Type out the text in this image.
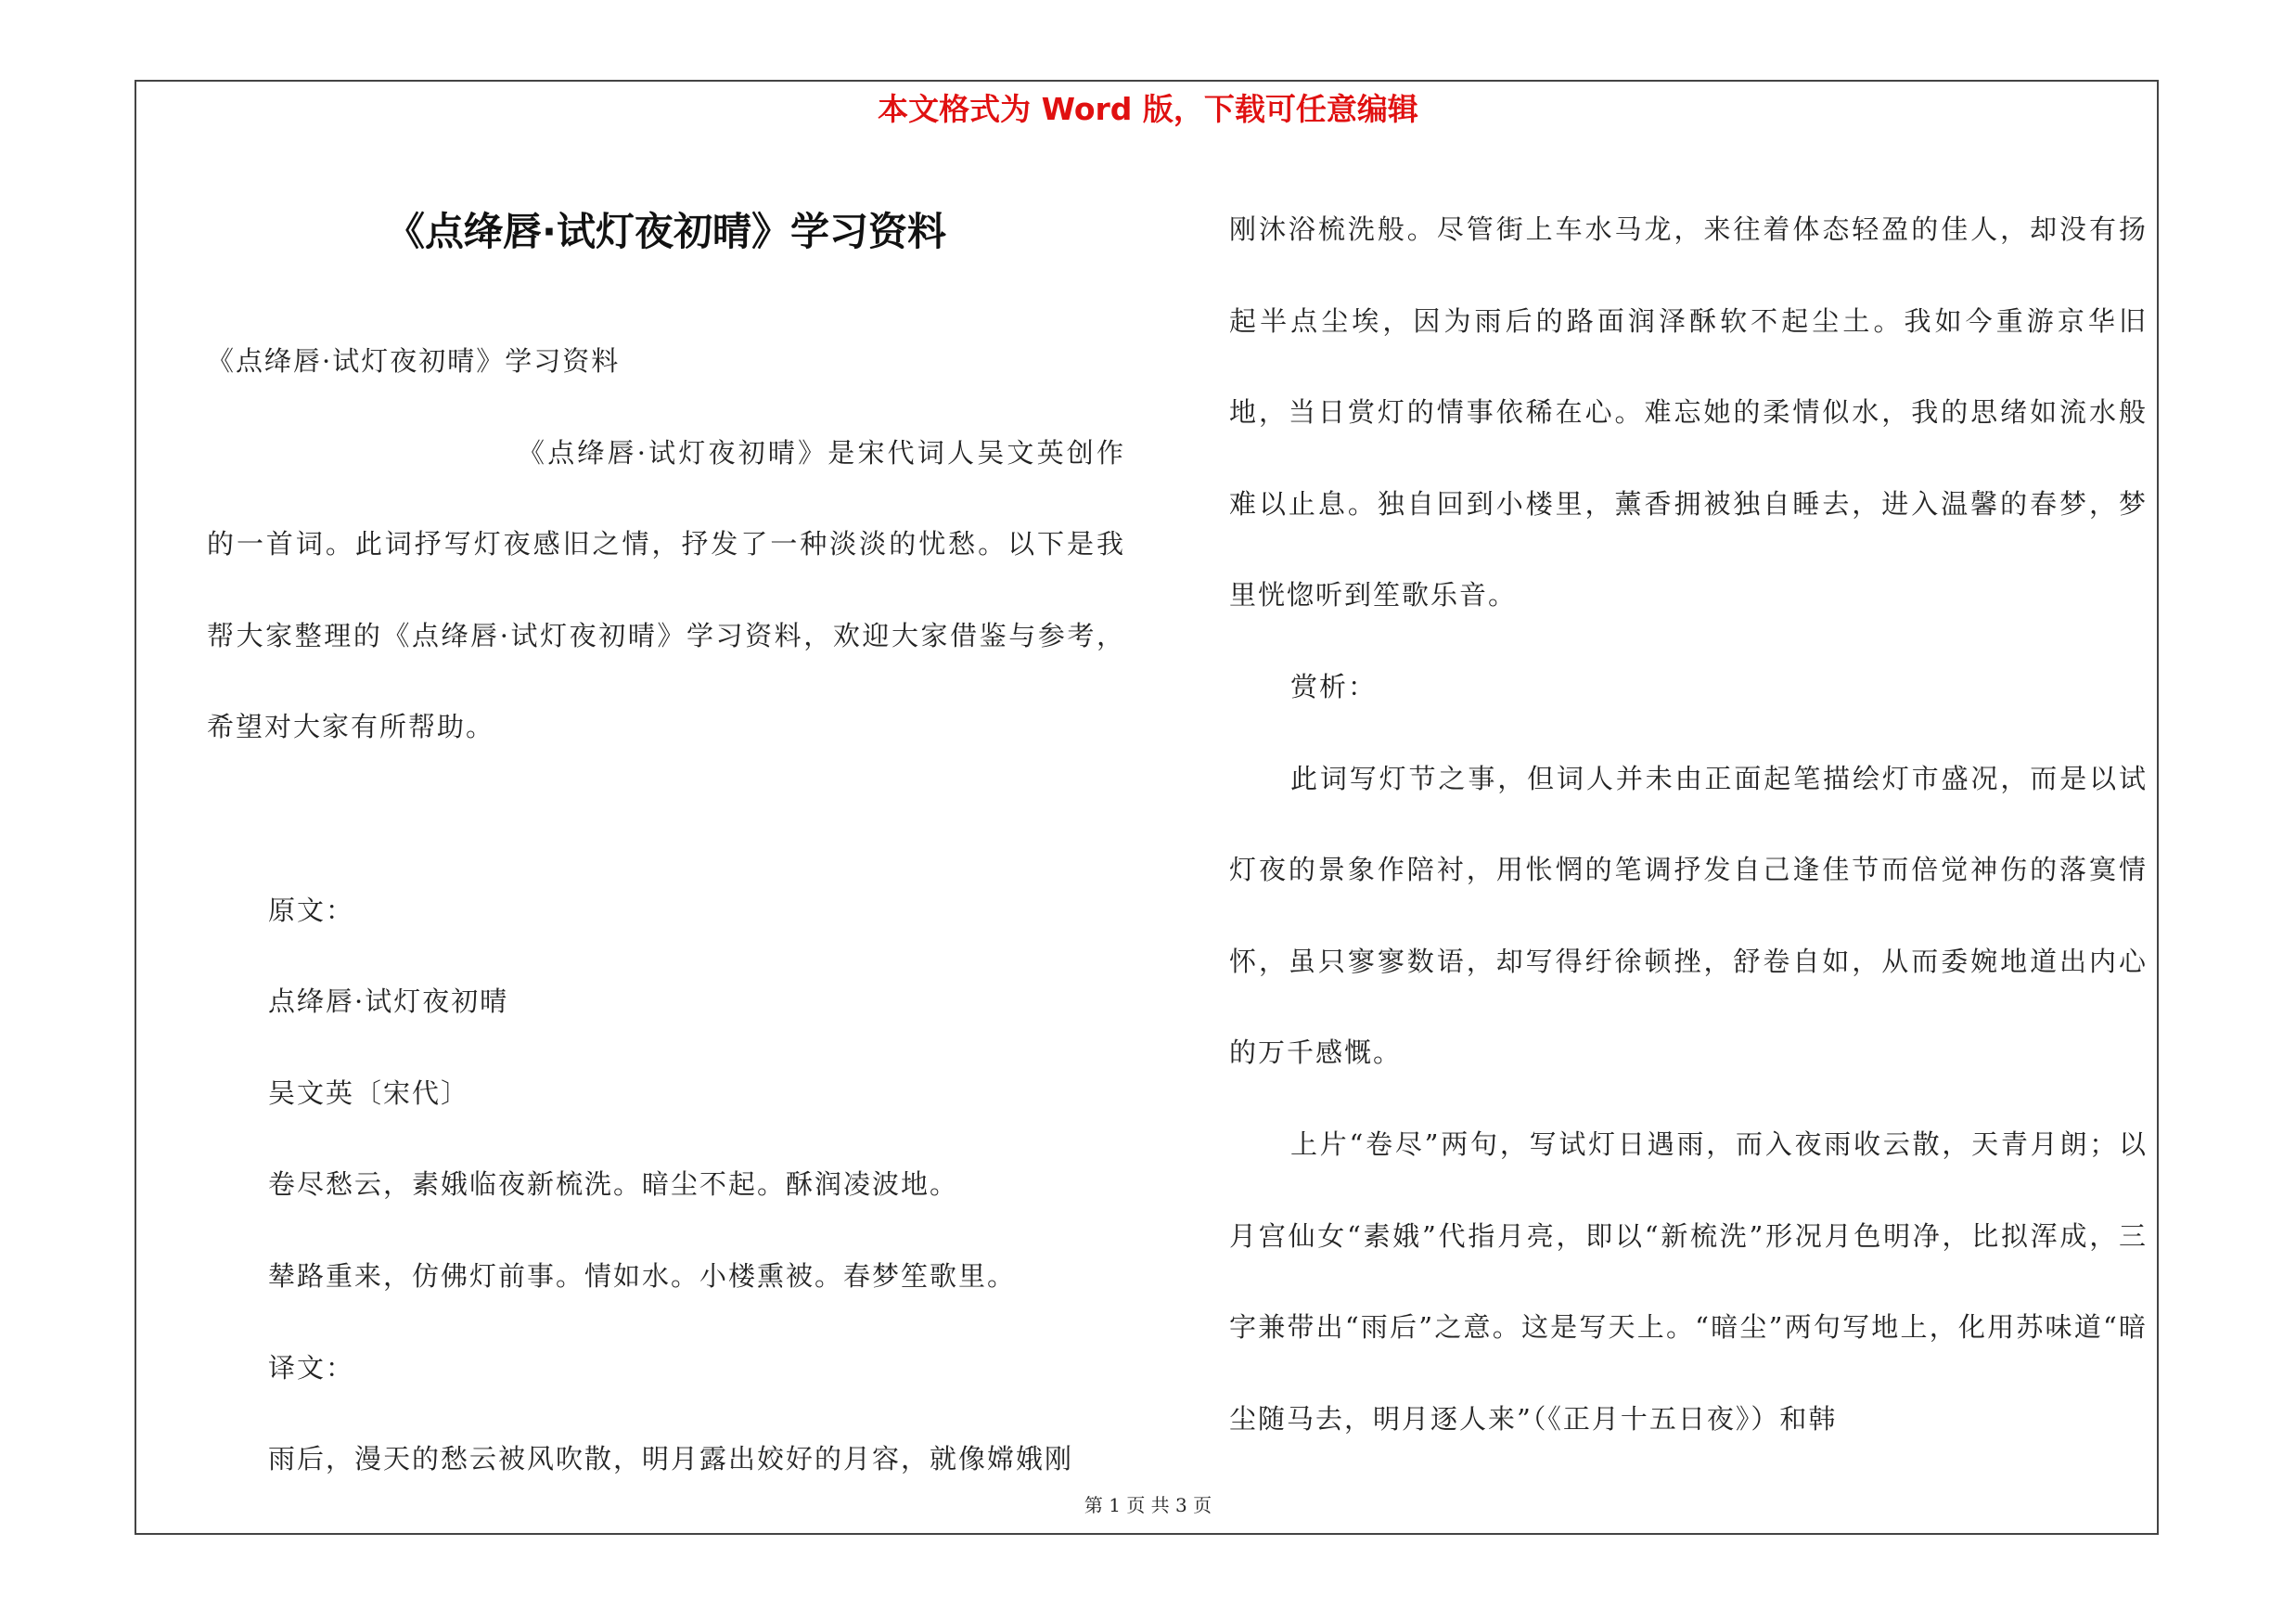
本文格式为 Word 版，下载可任意编辑
《点绛唇·试灯夜初晴》学习资料

《点绛唇·试灯夜初晴》学习资料

《点绛唇·试灯夜初晴》是宋代词人吴文英创作的一首词。此词抒写灯夜感旧之情，抒发了一种淡淡的忧愁。以下是我帮大家整理的《点绛唇·试灯夜初晴》学习资料，欢迎大家借鉴与参考，希望对大家有所帮助。

原文：

点绛唇·试灯夜初晴

吴文英〔宋代〕

卷尽愁云，素娥临夜新梳洗。暗尘不起。酥润凌波地。

辇路重来，仿佛灯前事。情如水。小楼熏被。春梦笙歌里。

译文：

雨后，漫天的愁云被风吹散，明月露出姣好的月容，就像嫦娥刚

刚沐浴梳洗般。尽管街上车水马龙，来往着体态轻盈的佳人，却没有扬起半点尘埃，因为雨后的路面润泽酥软不起尘土。我如今重游京华旧地，当日赏灯的情事依稀在心。难忘她的柔情似水，我的思绪如流水般难以止息。独自回到小楼里，薰香拥被独自睡去，进入温馨的春梦，梦里恍惚听到笙歌乐音。

赏析：

此词写灯节之事，但词人并未由正面起笔描绘灯市盛况，而是以试灯夜的景象作陪衬，用怅惘的笔调抒发自己逢佳节而倍觉神伤的落寞情怀，虽只寥寥数语，却写得纡徐顿挫，舒卷自如，从而委婉地道出内心的万千感慨。

上片“卷尽”两句，写试灯日遇雨，而入夜雨收云散，天青月朗；以月宫仙女“素娥”代指月亮，即以“新梳洗”形况月色明净，比拟浑成，三字兼带出“雨后”之意。这是写天上。“暗尘”两句写地上，化用苏味道“暗尘随马去，明月逐人来”（《正月十五日夜》）和韩

第 1 页 共 3 页
